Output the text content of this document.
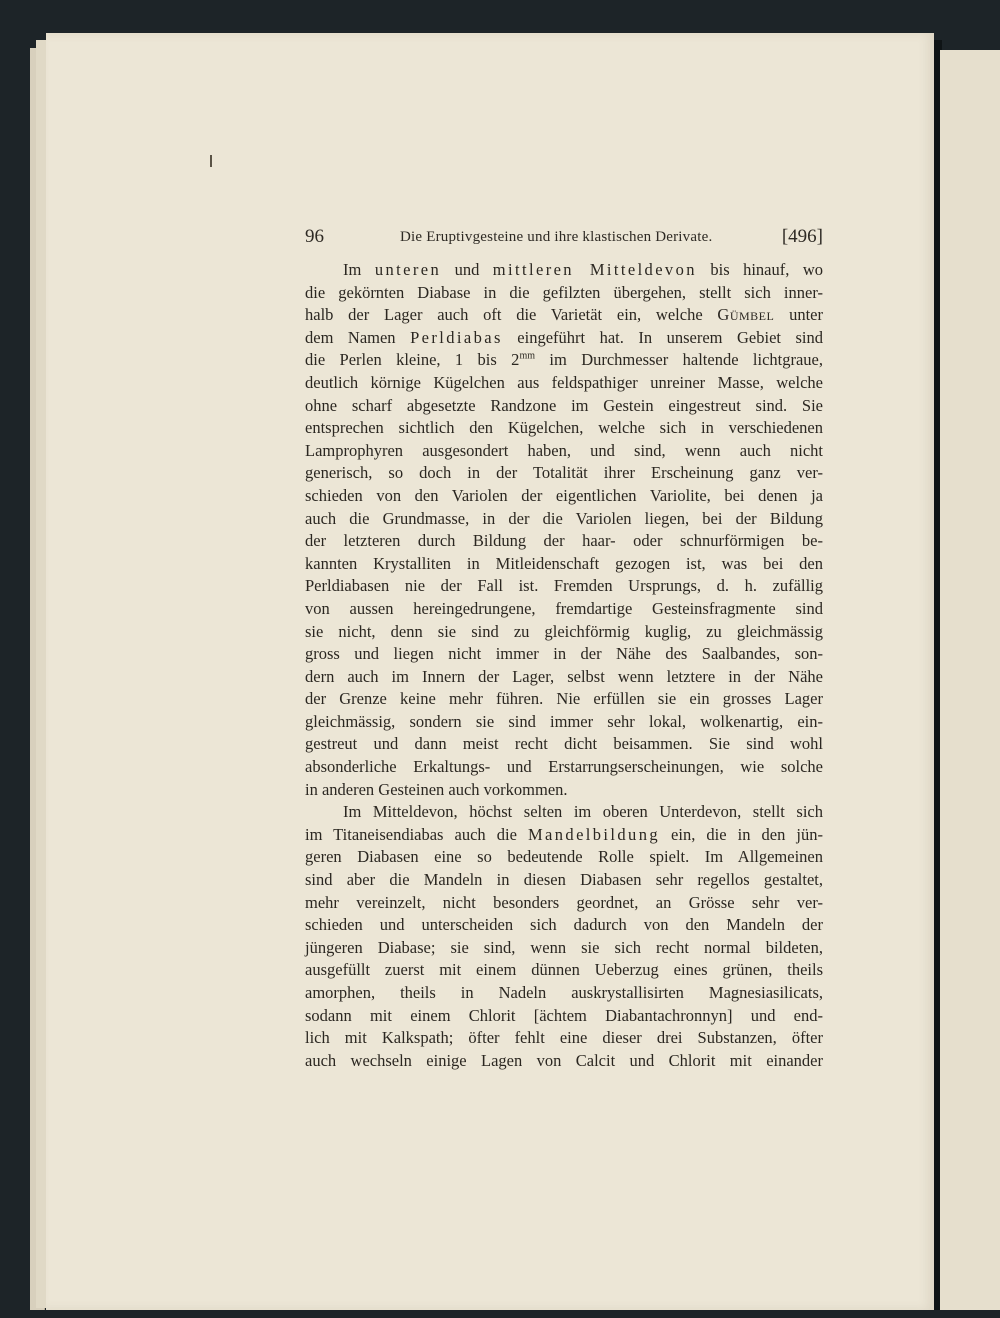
96	Die Eruptivgesteine und ihre klastischen Derivate.	[496]
Im unteren und mittleren Mitteldevon bis hinauf, wo
die gekörnten Diabase in die gefilzten übergehen, stellt sich inner-
halb der Lager auch oft die Varietät ein, welche Gümbel unter
dem Namen Perldiabas eingeführt hat. In unserem Gebiet sind
die Perlen kleine, 1 bis $2^{mm}$ im Durchmesser haltende lichtgraue,
deutlich körnige Kügelchen aus feldspathiger unreiner Masse, welche
ohne scharf abgesetzte Randzone im Gestein eingestreut sind. Sie
entsprechen sichtlich den Kügelchen, welche sich in verschiedenen
Lamprophyren ausgesondert haben, und sind, wenn auch nicht
generisch, so doch in der Totalität ihrer Erscheinung ganz ver-
schieden von den Variolen der eigentlichen Variolite, bei denen ja
auch die Grundmasse, in der die Variolen liegen, bei der Bildung
der letzteren durch Bildung der haar- oder schnurförmigen be-
kannten Krystalliten in Mitleidenschaft gezogen ist, was bei den
Perldiabasen nie der Fall ist. Fremden Ursprungs, d. h. zufällig
von aussen hereingedrungene, fremdartige Gesteinsfragmente sind
sie nicht, denn sie sind zu gleichförmig kuglig, zu gleichmässig
gross und liegen nicht immer in der Nähe des Saalbandes, son-
dern auch im Innern der Lager, selbst wenn letztere in der Nähe
der Grenze keine mehr führen. Nie erfüllen sie ein grosses Lager
gleichmässig, sondern sie sind immer sehr lokal, wolkenartig, ein-
gestreut und dann meist recht dicht beisammen. Sie sind wohl
absonderliche Erkaltungs- und Erstarrungserscheinungen, wie solche
in anderen Gesteinen auch vorkommen.
Im Mitteldevon, höchst selten im oberen Unterdevon, stellt sich
im Titaneisendiabas auch die Mandelbildung ein, die in den jün-
geren Diabasen eine so bedeutende Rolle spielt. Im Allgemeinen
sind aber die Mandeln in diesen Diabasen sehr regellos gestaltet,
mehr vereinzelt, nicht besonders geordnet, an Grösse sehr ver-
schieden und unterscheiden sich dadurch von den Mandeln der
jüngeren Diabase; sie sind, wenn sie sich recht normal bildeten,
ausgefüllt zuerst mit einem dünnen Ueberzug eines grünen, theils
amorphen, theils in Nadeln auskrystallisirten Magnesiasilicats,
sodann mit einem Chlorit [ächtem Diabantachronnyn] und end-
lich mit Kalkspath; öfter fehlt eine dieser drei Substanzen, öfter
auch wechseln einige Lagen von Calcit und Chlorit mit einander
